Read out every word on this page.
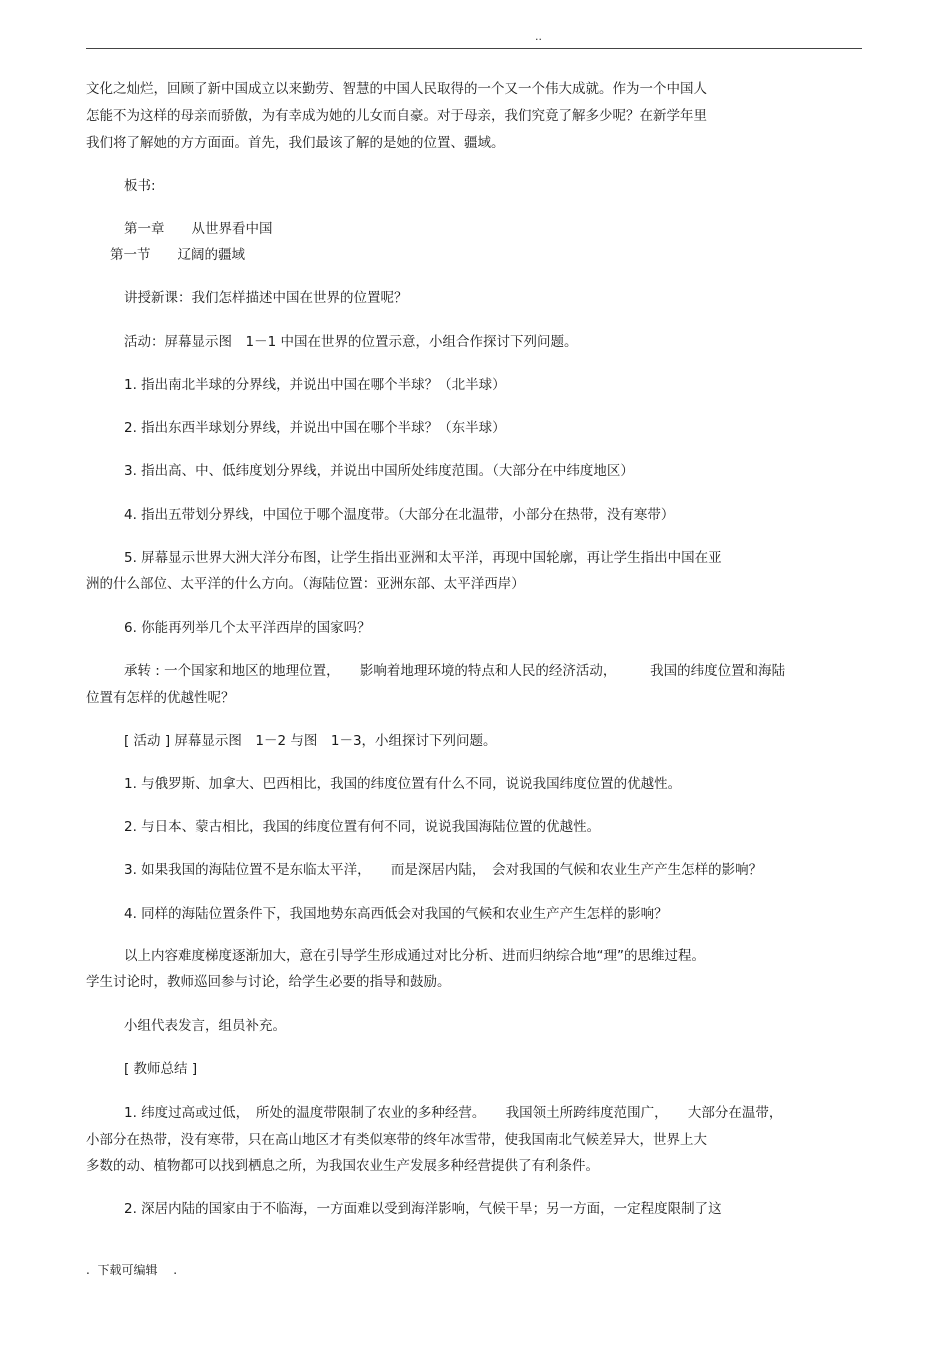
..
文化之灿烂，回顾了新中国成立以来勤劳、智慧的中国人民取得的一个又一个伟大成就。作为一个中国人
怎能不为这样的母亲而骄傲，为有幸成为她的儿女而自豪。对于母亲，我们究竟了解多少呢？在新学年里
我们将了解她的方方面面。首先，我们最该了解的是她的位置、疆域。
板书:
第一章　　从世界看中国
第一节　　辽阔的疆域
讲授新课：我们怎样描述中国在世界的位置呢？
活动：屏幕显示图　1－1 中国在世界的位置示意，小组合作探讨下列问题。
1. 指出南北半球的分界线，并说出中国在哪个半球？（北半球）
2. 指出东西半球划分界线，并说出中国在哪个半球？（东半球）
3. 指出高、中、低纬度划分界线，并说出中国所处纬度范围。（大部分在中纬度地区）
4. 指出五带划分界线，中国位于哪个温度带。（大部分在北温带，小部分在热带，没有寒带）
5. 屏幕显示世界大洲大洋分布图，让学生指出亚洲和太平洋，再现中国轮廓，再让学生指出中国在亚
洲的什么部位、太平洋的什么方向。（海陆位置：亚洲东部、太平洋西岸）
6. 你能再列举几个太平洋西岸的国家吗？
承转 : 一个国家和地区的地理位置，　　影响着地理环境的特点和人民的经济活动，　　　我国的纬度位置和海陆
位置有怎样的优越性呢？
[ 活动 ] 屏幕显示图　1－2 与图　1－3，小组探讨下列问题。
1. 与俄罗斯、加拿大、巴西相比，我国的纬度位置有什么不同，说说我国纬度位置的优越性。
2. 与日本、蒙古相比，我国的纬度位置有何不同，说说我国海陆位置的优越性。
3. 如果我国的海陆位置不是东临太平洋，　　而是深居内陆，　会对我国的气候和农业生产产生怎样的影响？
4. 同样的海陆位置条件下，我国地势东高西低会对我国的气候和农业生产产生怎样的影响？
以上内容难度梯度逐渐加大，意在引导学生形成通过对比分析、进而归纳综合地“理”的思维过程。
学生讨论时，教师巡回参与讨论，给学生必要的指导和鼓励。
小组代表发言，组员补充。
[ 教师总结 ]
1. 纬度过高或过低，　所处的温度带限制了农业的多种经营。　　我国领土所跨纬度范围广，　　大部分在温带，
小部分在热带，没有寒带，只在高山地区才有类似寒带的终年冰雪带，使我国南北气候差异大，世界上大
多数的动、植物都可以找到栖息之所，为我国农业生产发展多种经营提供了有利条件。
2. 深居内陆的国家由于不临海，一方面难以受到海洋影响，气候干旱；另一方面，一定程度限制了这
.  下载可编辑　 .
